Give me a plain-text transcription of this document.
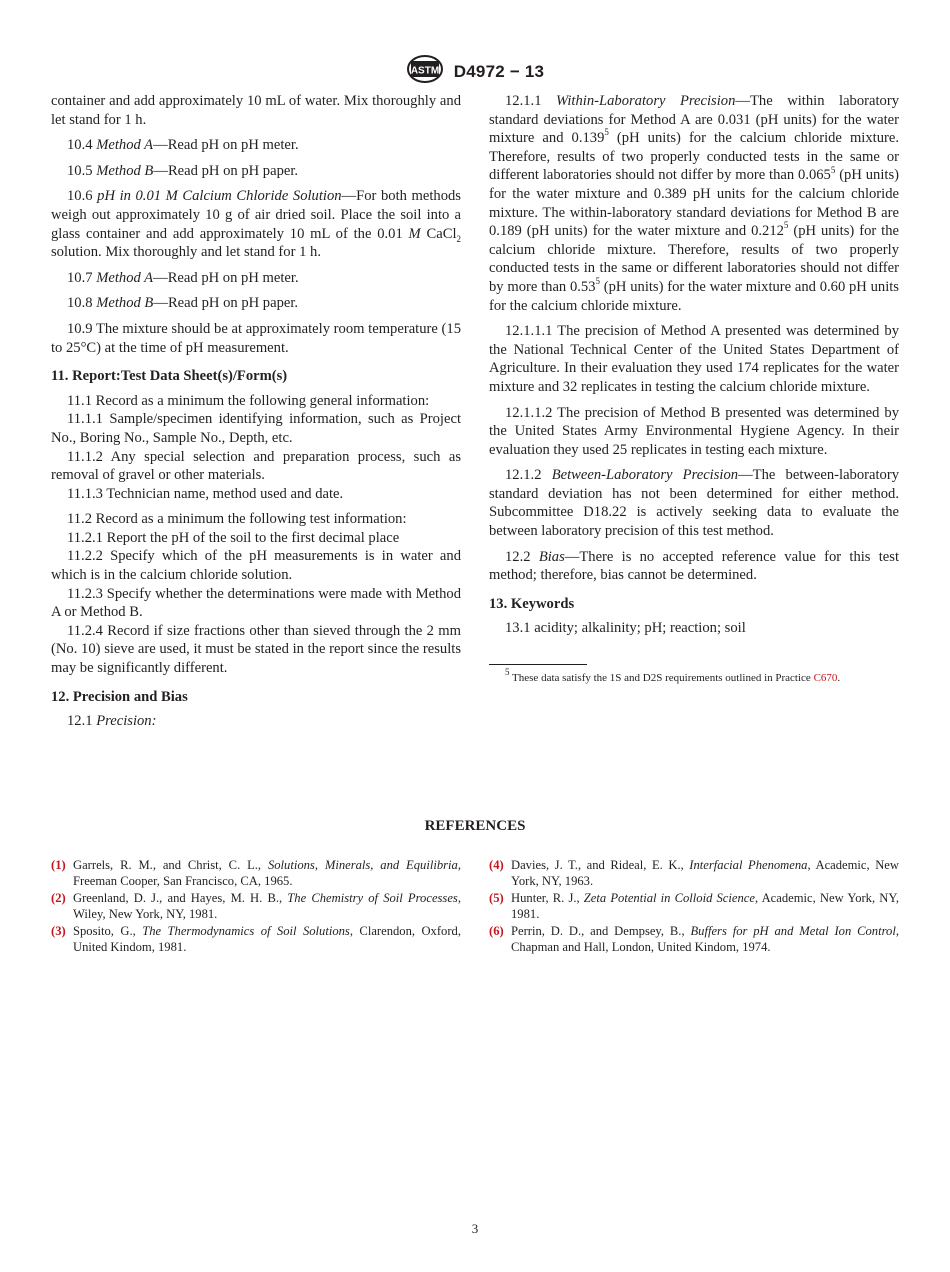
ASTM D4972 − 13

container and add approximately 10 mL of water. Mix thoroughly and let stand for 1 h.

10.4 Method A—Read pH on pH meter.

10.5 Method B—Read pH on pH paper.

10.6 pH in 0.01 M Calcium Chloride Solution—For both methods weigh out approximately 10 g of air dried soil. Place the soil into a glass container and add approximately 10 mL of the 0.01 M CaCl$_2$ solution. Mix thoroughly and let stand for 1 h.

10.7 Method A—Read pH on pH meter.

10.8 Method B—Read pH on pH paper.

10.9 The mixture should be at approximately room temperature (15 to 25°C) at the time of pH measurement.

11. Report:Test Data Sheet(s)/Form(s)

11.1 Record as a minimum the following general information:

11.1.1 Sample/specimen identifying information, such as Project No., Boring No., Sample No., Depth, etc.

11.1.2 Any special selection and preparation process, such as removal of gravel or other materials.

11.1.3 Technician name, method used and date.

11.2 Record as a minimum the following test information:

11.2.1 Report the pH of the soil to the first decimal place

11.2.2 Specify which of the pH measurements is in water and which is in the calcium chloride solution.

11.2.3 Specify whether the determinations were made with Method A or Method B.

11.2.4 Record if size fractions other than sieved through the 2 mm (No. 10) sieve are used, it must be stated in the report since the results may be significantly different.

12. Precision and Bias

12.1 Precision:

12.1.1 Within-Laboratory Precision—The within laboratory standard deviations for Method A are 0.031 (pH units) for the water mixture and 0.139$^5$ (pH units) for the calcium chloride mixture. Therefore, results of two properly conducted tests in the same or different laboratories should not differ by more than 0.065$^5$ (pH units) for the water mixture and 0.389 pH units for the calcium chloride mixture. The within-laboratory standard deviations for Method B are 0.189 (pH units) for the water mixture and 0.212$^5$ (pH units) for the calcium chloride mixture. Therefore, results of two properly conducted tests in the same or different laboratories should not differ by more than 0.53$^5$ (pH units) for the water mixture and 0.60 pH units for the calcium chloride mixture.

12.1.1.1 The precision of Method A presented was determined by the National Technical Center of the United States Department of Agriculture. In their evaluation they used 174 replicates for the water mixture and 32 replicates in testing the calcium chloride mixture.

12.1.1.2 The precision of Method B presented was determined by the United States Army Environmental Hygiene Agency. In their evaluation they used 25 replicates in testing each mixture.

12.1.2 Between-Laboratory Precision—The between-laboratory standard deviation has not been determined for either method. Subcommittee D18.22 is actively seeking data to evaluate the between laboratory precision of this test method.

12.2 Bias—There is no accepted reference value for this test method; therefore, bias cannot be determined.

13. Keywords

13.1 acidity; alkalinity; pH; reaction; soil

$^5$ These data satisfy the 1S and D2S requirements outlined in Practice C670.
REFERENCES
(1) Garrels, R. M., and Christ, C. L., Solutions, Minerals, and Equilibria, Freeman Cooper, San Francisco, CA, 1965.
(2) Greenland, D. J., and Hayes, M. H. B., The Chemistry of Soil Processes, Wiley, New York, NY, 1981.
(3) Sposito, G., The Thermodynamics of Soil Solutions, Clarendon, Oxford, United Kindom, 1981.
(4) Davies, J. T., and Rideal, E. K., Interfacial Phenomena, Academic, New York, NY, 1963.
(5) Hunter, R. J., Zeta Potential in Colloid Science, Academic, New York, NY, 1981.
(6) Perrin, D. D., and Dempsey, B., Buffers for pH and Metal Ion Control, Chapman and Hall, London, United Kindom, 1974.
3
